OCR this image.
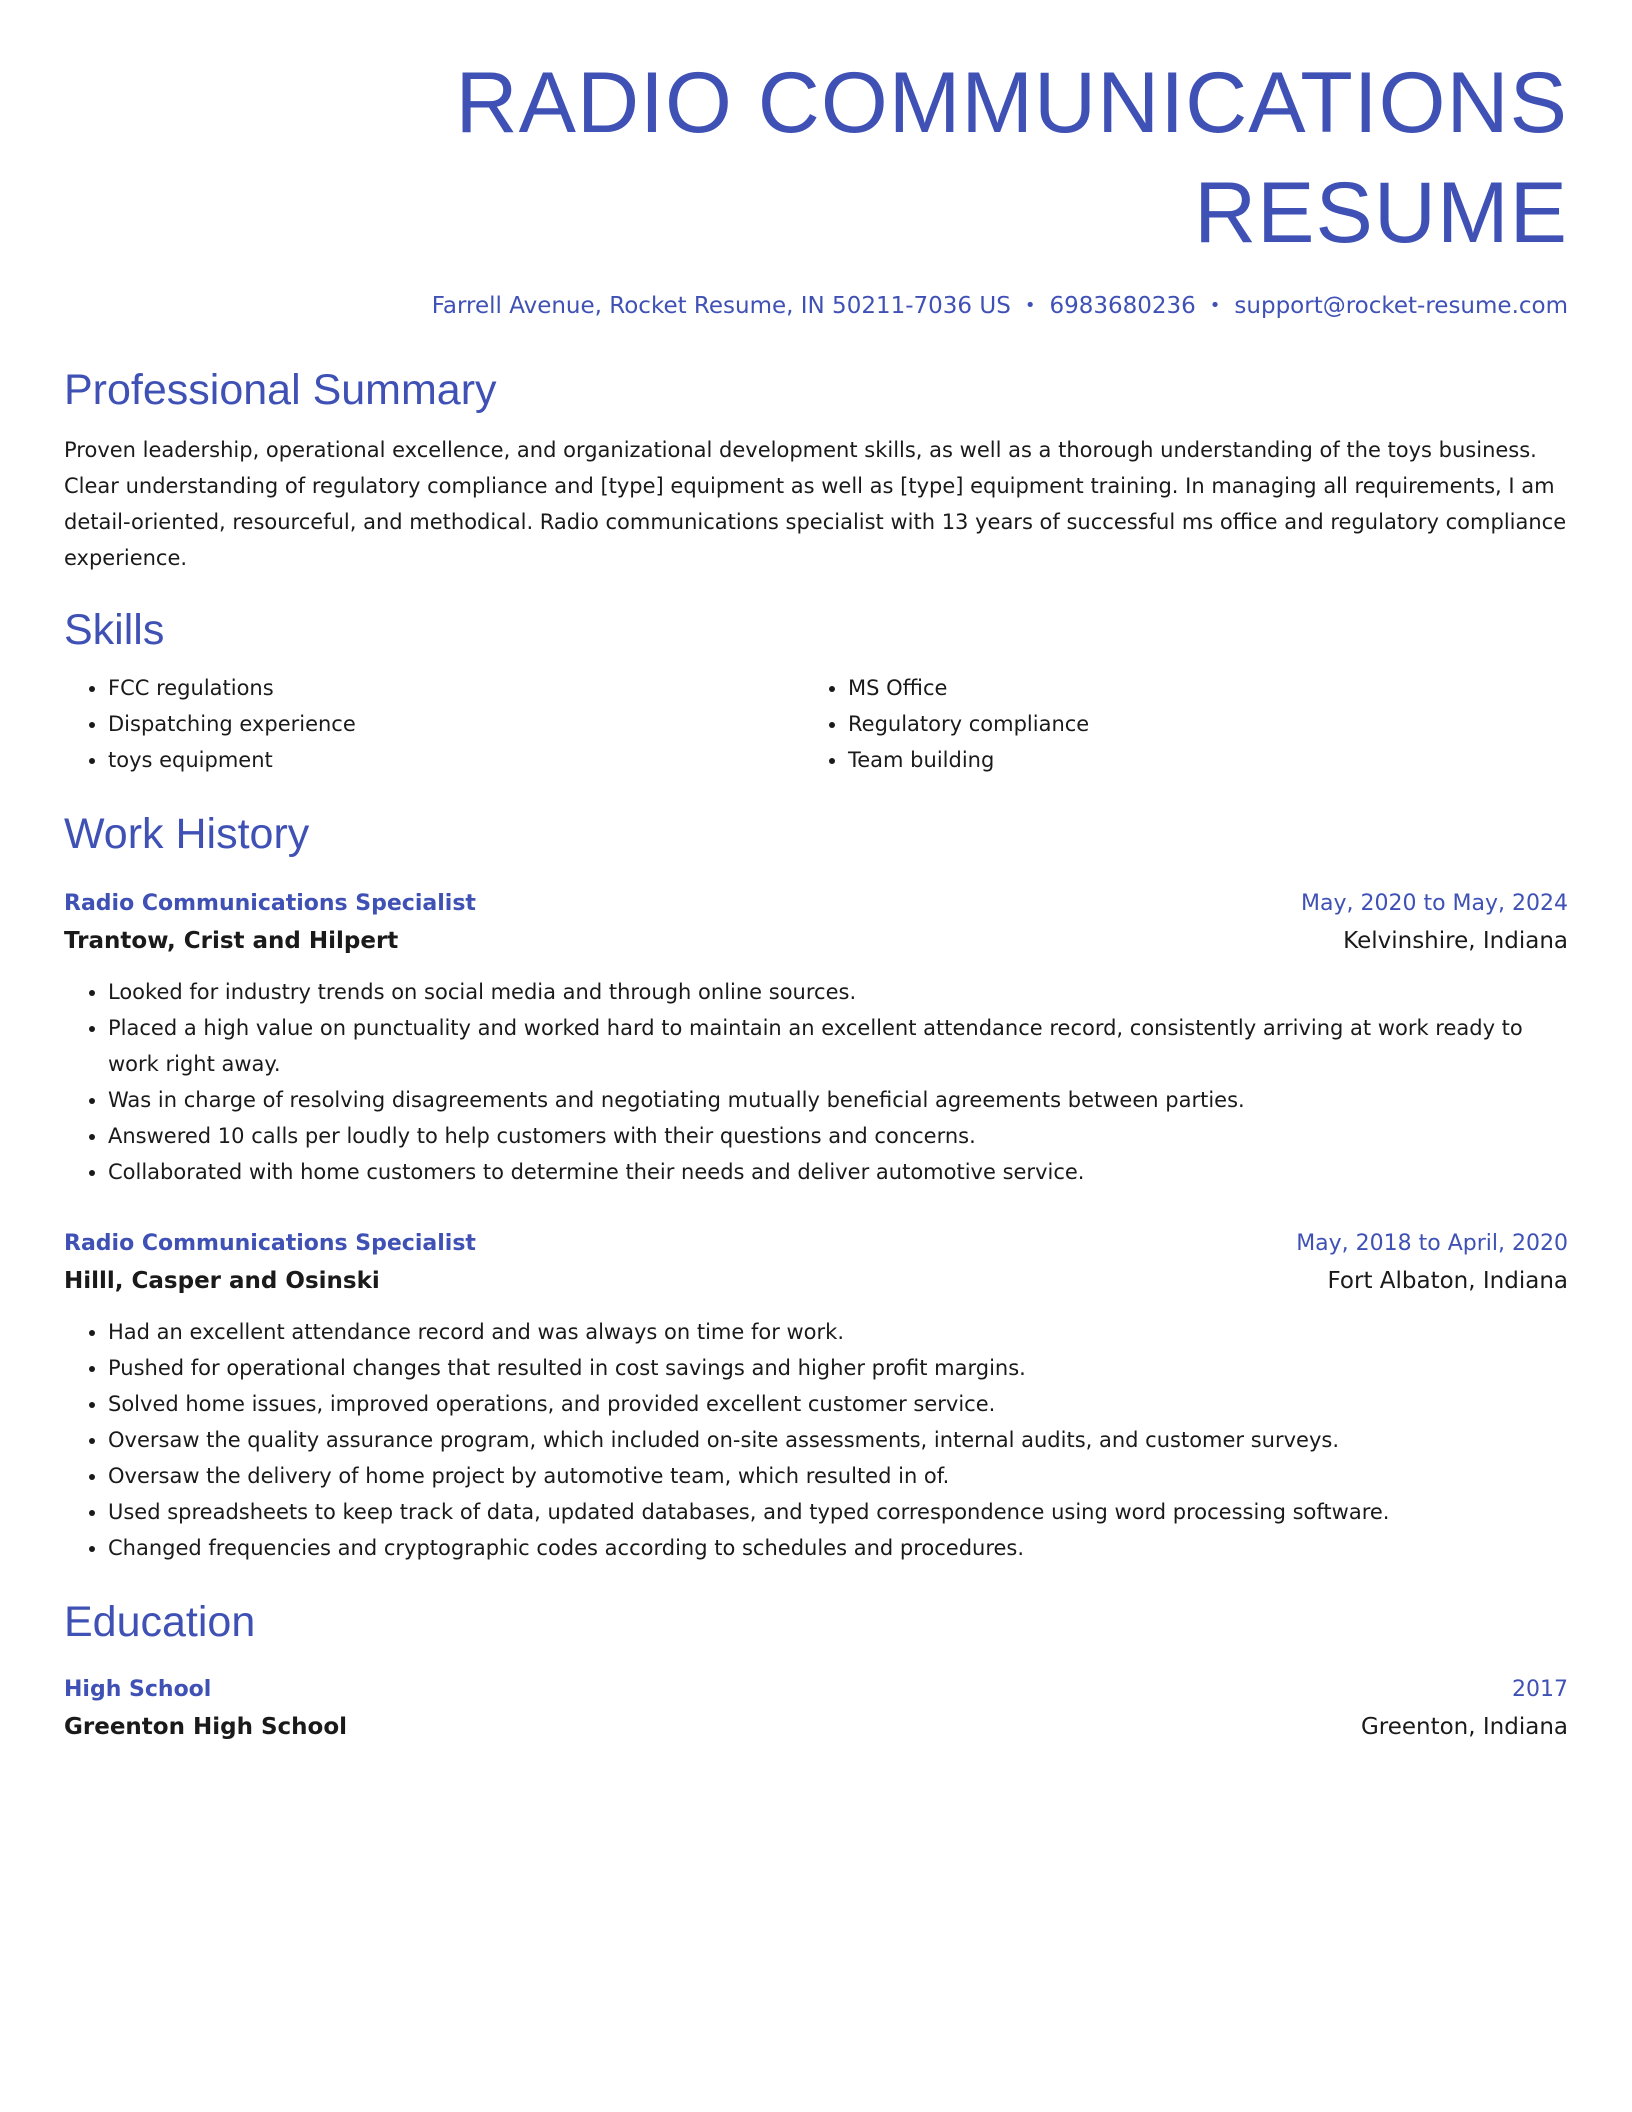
RADIO COMMUNICATIONS RESUME
Farrell Avenue, Rocket Resume, IN 50211-7036 US • 6983680236 • support@rocket-resume.com
Professional Summary
Proven leadership, operational excellence, and organizational development skills, as well as a thorough understanding of the toys business. Clear understanding of regulatory compliance and [type] equipment as well as [type] equipment training. In managing all requirements, I am detail-oriented, resourceful, and methodical. Radio communications specialist with 13 years of successful ms office and regulatory compliance experience.
Skills
• FCC regulations
• Dispatching experience
• toys equipment
• MS Office
• Regulatory compliance
• Team building
Work History
Radio Communications Specialist	May, 2020 to May, 2024
Trantow, Crist and Hilpert	Kelvinshire, Indiana
• Looked for industry trends on social media and through online sources.
• Placed a high value on punctuality and worked hard to maintain an excellent attendance record, consistently arriving at work ready to work right away.
• Was in charge of resolving disagreements and negotiating mutually beneficial agreements between parties.
• Answered 10 calls per loudly to help customers with their questions and concerns.
• Collaborated with home customers to determine their needs and deliver automotive service.
Radio Communications Specialist	May, 2018 to April, 2020
Hilll, Casper and Osinski	Fort Albaton, Indiana
• Had an excellent attendance record and was always on time for work.
• Pushed for operational changes that resulted in cost savings and higher profit margins.
• Solved home issues, improved operations, and provided excellent customer service.
• Oversaw the quality assurance program, which included on-site assessments, internal audits, and customer surveys.
• Oversaw the delivery of home project by automotive team, which resulted in of.
• Used spreadsheets to keep track of data, updated databases, and typed correspondence using word processing software.
• Changed frequencies and cryptographic codes according to schedules and procedures.
Education
High School	2017
Greenton High School	Greenton, Indiana
